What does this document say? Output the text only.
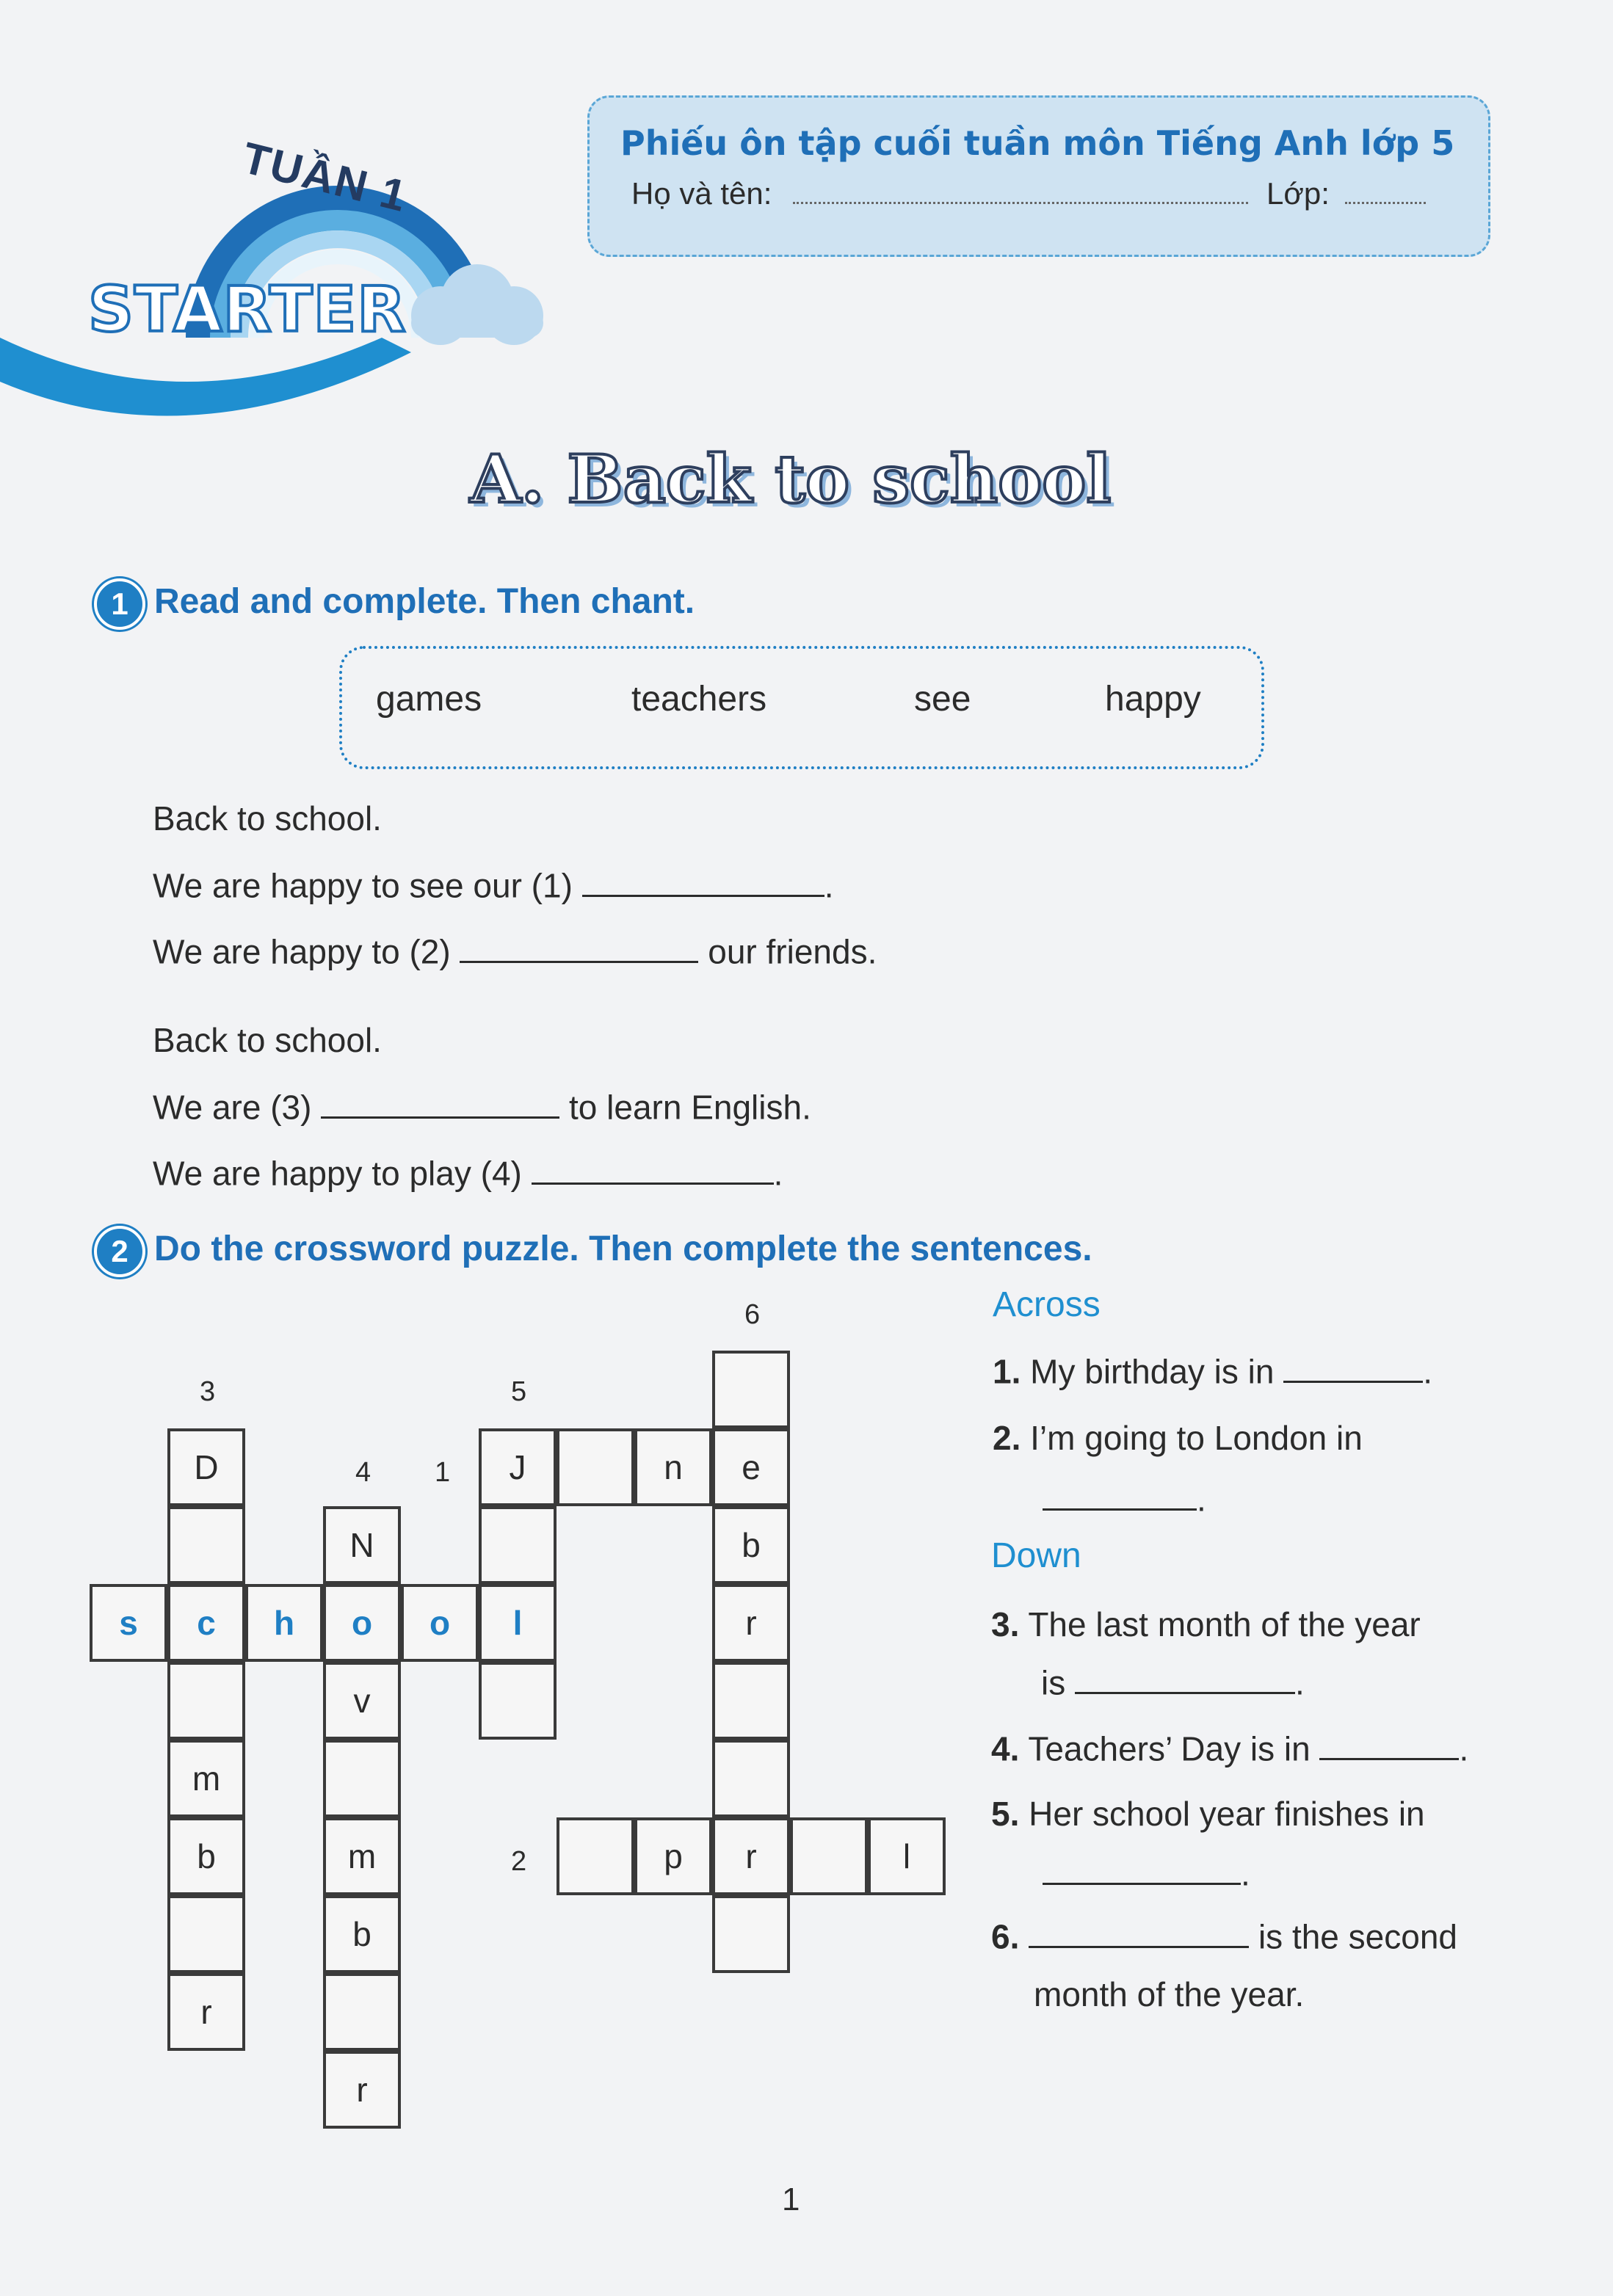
TUẦN 1
STARTER
Phiếu ôn tập cuối tuần môn Tiếng Anh lớp 5
Họ và tên:	Lớp:
A. Back to school
1 Read and complete. Then chant.
games	teachers	see	happy
Back to school.
We are happy to see our (1)	.
We are happy to (2)	our friends.
Back to school.
We are (3)	to learn English.
We are happy to play (4)	.
2 Do the crossword puzzle. Then complete the sentences.
3	5
6
4 1
2
D
m
b
r
N
v
m
b
r
s	c	h	o	o	l
J	n	e
b
r
p	r	l
Across
1. My birthday is in	.
2. I’m going to London in
.
Down
3. The last month of the year
is	.
4. Teachers’ Day is in	.
5. Her school year finishes in
.
6.	is the second
month of the year.
1
